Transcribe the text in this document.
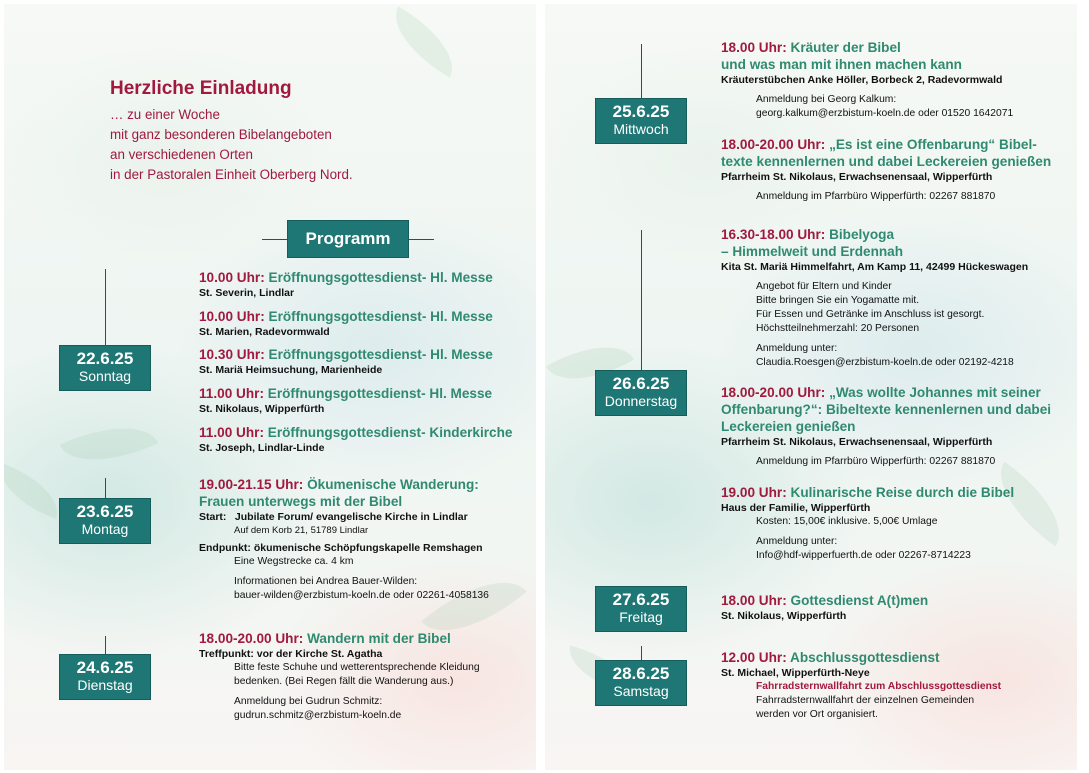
Herzliche Einladung

… zu einer Woche
mit ganz besonderen Bibelangeboten
an verschiedenen Orten
in der Pastoralen Einheit Oberberg Nord.
Programm
22.6.25
Sonntag
10.00 Uhr: Eröffnungsgottesdienst- Hl. Messe
St. Severin, Lindlar
10.00 Uhr: Eröffnungsgottesdienst- Hl. Messe
St. Marien, Radevormwald
10.30 Uhr: Eröffnungsgottesdienst- Hl. Messe
St. Mariä Heimsuchung, Marienheide
11.00 Uhr: Eröffnungsgottesdienst- Hl. Messe
St. Nikolaus, Wipperfürth
11.00 Uhr: Eröffnungsgottesdienst- Kinderkirche
St. Joseph, Lindlar-Linde
23.6.25
Montag
19.00-21.15 Uhr: Ökumenische Wanderung:
Frauen unterwegs mit der Bibel
Start: Jubilate Forum/ evangelische Kirche in Lindlar
Auf dem Korb 21, 51789 Lindlar
Endpunkt: ökumenische Schöpfungskapelle Remshagen
Eine Wegstrecke ca. 4 km
Informationen bei Andrea Bauer-Wilden:
bauer-wilden@erzbistum-koeln.de oder 02261-4058136
24.6.25
Dienstag
18.00-20.00 Uhr: Wandern mit der Bibel
Treffpunkt: vor der Kirche St. Agatha
Bitte feste Schuhe und wetterentsprechende Kleidung
bedenken. (Bei Regen fällt die Wanderung aus.)
Anmeldung bei Gudrun Schmitz:
gudrun.schmitz@erzbistum-koeln.de
25.6.25
Mittwoch
18.00 Uhr: Kräuter der Bibel
und was man mit ihnen machen kann
Kräuterstübchen Anke Höller, Borbeck 2, Radevormwald
Anmeldung bei Georg Kalkum:
georg.kalkum@erzbistum-koeln.de oder 01520 1642071
18.00-20.00 Uhr: „Es ist eine Offenbarung“ Bibel-
texte kennenlernen und dabei Leckereien genießen
Pfarrheim St. Nikolaus, Erwachsenensaal, Wipperfürth
Anmeldung im Pfarrbüro Wipperfürth: 02267 881870
26.6.25
Donnerstag
16.30-18.00 Uhr: Bibelyoga
– Himmelweit und Erdennah
Kita St. Mariä Himmelfahrt, Am Kamp 11, 42499 Hückeswagen
Angebot für Eltern und Kinder
Bitte bringen Sie ein Yogamatte mit.
Für Essen und Getränke im Anschluss ist gesorgt.
Höchstteilnehmerzahl: 20 Personen
Anmeldung unter:
Claudia.Roesgen@erzbistum-koeln.de oder 02192-4218
18.00-20.00 Uhr: „Was wollte Johannes mit seiner
Offenbarung?“: Bibeltexte kennenlernen und dabei
Leckereien genießen
Pfarrheim St. Nikolaus, Erwachsenensaal, Wipperfürth
Anmeldung im Pfarrbüro Wipperfürth: 02267 881870
19.00 Uhr: Kulinarische Reise durch die Bibel
Haus der Familie, Wipperfürth
Kosten: 15,00€ inklusive. 5,00€ Umlage
Anmeldung unter:
Info@hdf-wipperfuerth.de oder 02267-8714223
27.6.25
Freitag
18.00 Uhr: Gottesdienst A(t)men
St. Nikolaus, Wipperfürth
28.6.25
Samstag
12.00 Uhr: Abschlussgottesdienst
St. Michael, Wipperfürth-Neye
Fahrradsternwallfahrt zum Abschlussgottesdienst
Fahrradsternwallfahrt der einzelnen Gemeinden
werden vor Ort organisiert.
